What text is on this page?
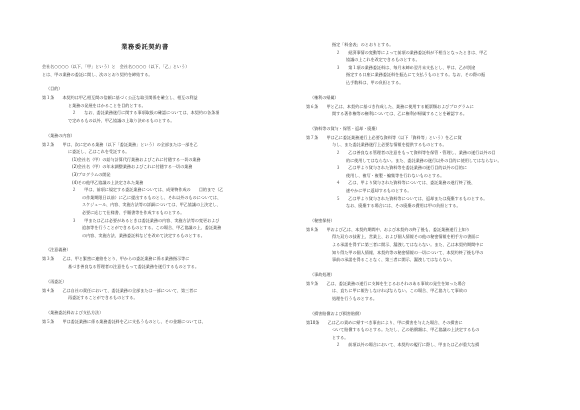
業務委託契約書
会社名○○○○（以下、「甲」という）と　会社名○○○○（以下、「乙」という）
とは、甲の業務の委託に関し、次のとおり契約を締結する。
（目的）
第１条　　本契約は甲乙相互間の信頼に基づく公正な取引関係を確立し、相互の利益
と業務の発展をはかることを目的とする。
２　　なお、委託業務遂行に関する事項取扱の確認については、本契約の各条項
で定めるもの以外、甲乙協議の上取り決めるものとする。
（業務の内容）
第２条　　甲は、次に定める業務（以下「委託業務」という）の全部または一部を乙
に委託し、乙はこれを受託する。
(1)会社名（甲）の給与計算代行業務およびこれに付随する一切の業務
(2)会社名（甲）の年末調整業務およびこれに付随する一切の業務
(3)プログラムの開発
(4)その他甲乙協議の上決定された業務
２　　甲は、前項に規定する委託業務については、成果物作成の　　目的まで（乙
の作業期限日以前）に乙に提出するものとし、それ以外のものについては、
スケジュール、内容、実施方法等の詳細については、甲乙協議の上決定し、
必要に応じて仕様書、手順書等を作成するものとする。
３　　甲または乙は必要があるときは委託業務の内容、実施方法等の変更および
追加等を行うことができるものとする。この場合、甲乙協議の上、委託業務
の内容、実施方法、業務委託料などを改めて決定するものとする。
（注意義務）
第３条　　乙は、甲と緊密に連絡をとり、甲からの委託業務に係る業務指示等に
基づき善良なる管理者の注意をもって委託業務を遂行するものとする。
（再委託）
第４条　　乙は自社の責任において、委託業務の全部または一部について、第三者に
再委託することができるものとする。
（業務委託料および支払方法）
第５条　　甲は委託業務に係る業務委託料を乙に支払うものとし、その金額については、
指定「料金表」のとおりとする。
２　　経済事情の変動等によって前項の業務委託料が不相当となったときは、甲乙
協議の上これを改定できるものとする。
３　　第１項の業務委託料は、毎月末締め翌月末支払とし、甲は、乙が別途
指定する口座に業務委託料を振込にて支払うものとする。なお、その際の振
込手数料は、甲の負担とする。
（権利の帰属）
第６条　　甲と乙は、本契約に基づき作成した、業務に使用する帳票類およびプログラムに
関する著作権等の権利については、乙に権利が帰属することを確認する。
（資料等の貸与・保管・返却・廃棄）
第７条　　甲は乙に委託業務遂行上必要な資料等（以下「資料等」という）を乙に貸
与し、また委託業務遂行上必要な情報を提供するものとする。
２　　乙は善良なる管理者の注意をもって資料等を保管・管理し、業務の遂行以外の目
的に使用してはならない。また、委託業務の遂行以外の目的に使用してはならない。
３　　乙は甲より貸与された資料等を委託業務の遂行目的以外の目的に
使用し、複写・複製・編集等を行わないものとする。
４　　乙は、甲より貸与された資料等については、委託業務の遂行終了後、
速やかに甲に返却するものとする。
５　　乙は甲より貸与された資料等については、返却または廃棄するものとする。
なお、廃棄する場合には、その廃棄の費用は甲の負担とする。
（秘密保持）
第８条　　甲および乙は、本契約期間中、および本契約の終了後も、委託業務遂行上知り
得た双方の技術上、営業上、および個人情報その他の秘密情報を相手方の書面に
よる承諾を得ずに第三者に開示、漏洩してはならない。また、乙は本契約期間中に
知り得た甲の個人情報、本契約等の秘密情報の一切について、本契約終了後も甲の
事前の承諾を得ることなく、第三者に開示、漏洩してはならない。
（事故処理）
第９条　　乙は、委託業務の遂行に支障を生じるおそれのある事故の発生を知った場合
は、直ちに甲に報告しなければならない。この場合、甲乙協力して事故の
処理を行うものとする。
（損害賠償および損害賠償）
第10条　　乙は乙の責めに帰すべき事由により、甲に損害を与えた場合、その損害に
ついて賠償するものとする。ただし、乙の賠償額は、甲乙協議の上決定するもの
とする。
２　　前項以外の場合において、本契約の履行に際し、甲または乙が重大な損
